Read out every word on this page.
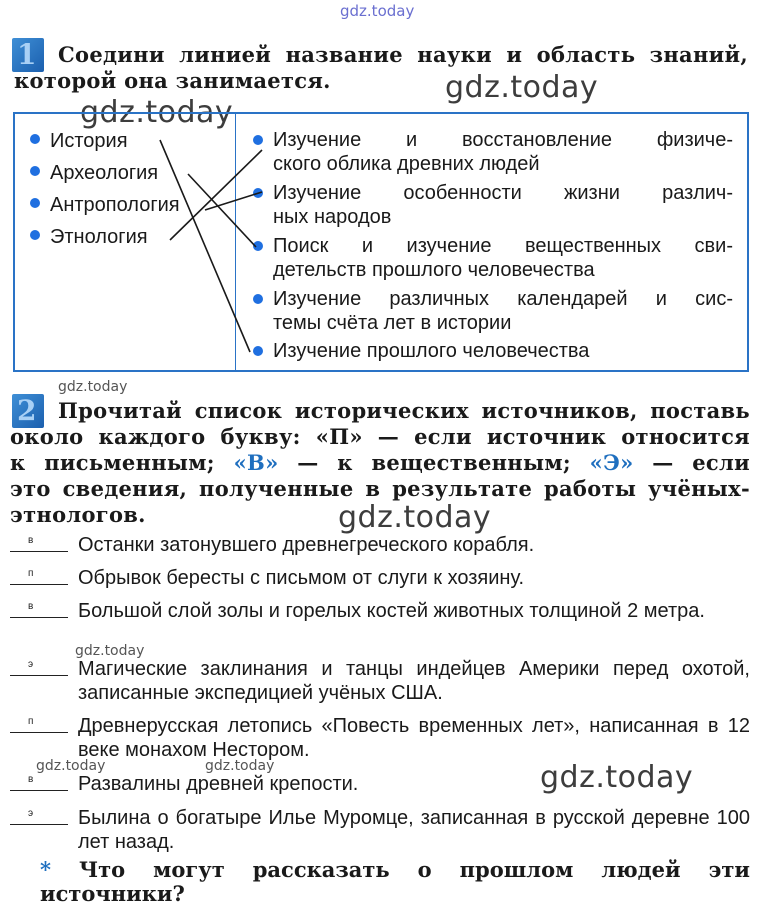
gdz.today
gdz.today
gdz.today
gdz.today
gdz.today
gdz.today
gdz.today	gdz.today	gdz.today
1 Соедини линией название науки и область знаний,
которой она занимается.
История
Археология
Антропология
Этнология
Изучение и восстановление физиче-
ского облика древних людей
Изучение особенности жизни различ-
ных народов
Поиск и изучение вещественных сви-
детельств прошлого человечества
Изучение различных календарей и сис-
темы счёта лет в истории
Изучение прошлого человечества
2 Прочитай список исторических источников, поставь
около каждого букву: «П» — если источник относится
к письменным; «В» — к вещественным; «Э» — если
это сведения, полученные в результате работы учёных-
этнологов.
в Останки затонувшего древнегреческого корабля.
п Обрывок бересты с письмом от слуги к хозяину.
в Большой слой золы и горелых костей животных толщиной 2 метра.
э Магические заклинания и танцы индейцев Америки перед охотой, записанные экспедицией учёных США.
п Древнерусская летопись «Повесть временных лет», написанная в 12 веке монахом Нестором.
в Развалины древней крепости.
э Былина о богатыре Илье Муромце, записанная в русской деревне 100 лет назад.
* Что могут рассказать о прошлом людей эти источники?
